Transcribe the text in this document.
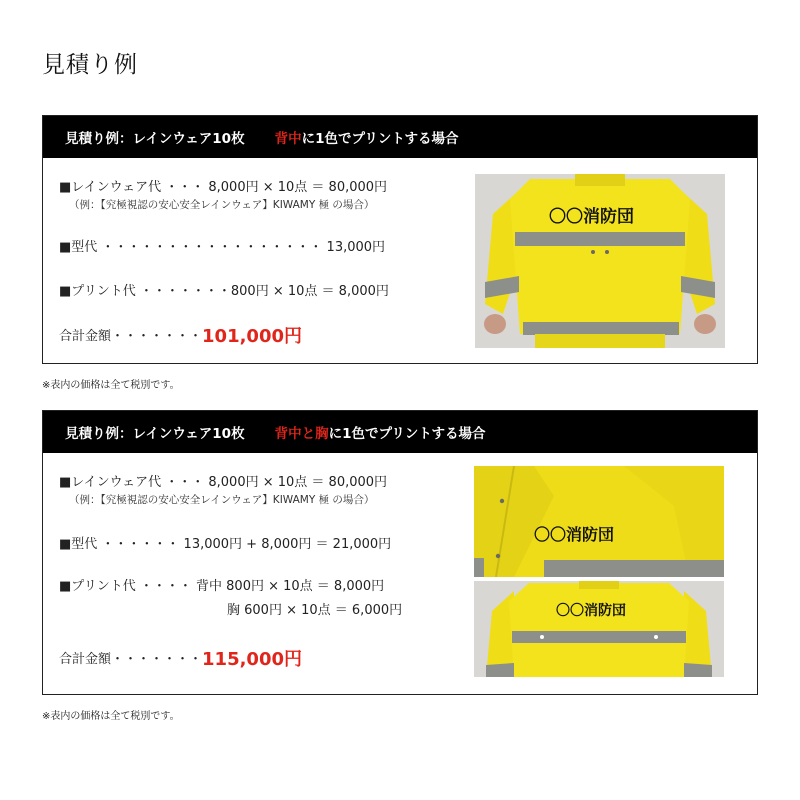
見積り例
見積り例：レインウェア10枚 背中 に1色でプリントする場合
■レインウェア代 ・・・ 8,000円 × 10点 ＝ 80,000円
（例：【究極視認の安心安全レインウェア】KIWAMY 極 の場合）
■型代 ・・・・・・・・・・・・・・・・・ 13,000円
■プリント代 ・・・・・・・800円 × 10点 ＝ 8,000円
合計金額・・・・・・・101,000円
〇〇消防団
※表内の価格は全て税別です。
見積り例：レインウェア10枚 背中と胸 に1色でプリントする場合
■レインウェア代 ・・・ 8,000円 × 10点 ＝ 80,000円
（例：【究極視認の安心安全レインウェア】KIWAMY 極 の場合）
■型代 ・・・・・・ 13,000円 + 8,000円 ＝ 21,000円
■プリント代 ・・・・ 背中 800円 × 10点 ＝ 8,000円
胸 600円 × 10点 ＝ 6,000円
合計金額・・・・・・・115,000円
〇〇消防団
〇〇消防団
※表内の価格は全て税別です。
